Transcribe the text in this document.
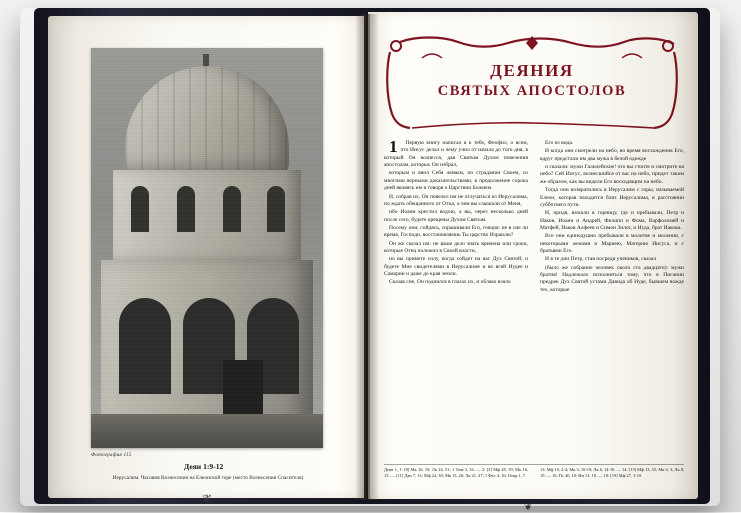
Фотография 115
Деян 1:9-12
Иерусалим. Часовня Вознесения на Елеонской горе (место Вознесения Спасителя)
❦
ДЕЯНИЯ
СВЯТЫХ АПОСТОЛОВ

1 Первую книгу написал я к тебе, Феофил, о всем, что Иисус делал и чему учил от начала до того дня, в который Он вознесся, дав Святым Духом повеления апостолам, которых Он избрал,

которым и явил Себя живым, по страдании Своем, со многими верными доказательствами, в продолжение сорока дней являясь им и говоря о Царствии Божием.

И, собрав их, Он повелел им не отлучаться из Иерусалима, но ждать обещанного от Отца, о чем вы слышали от Меня,

ибо Иоанн крестил водою, а вы, через несколько дней после сего, будете крещены Духом Святым.

Посему они, сойдясь, спрашивали Его, говоря: не в сие ли время, Господи, восстановляешь Ты царство Израилю?

Он же сказал им: не ваше дело знать времена или сроки, которые Отец положил в Своей власти,

но вы примете силу, когда сойдет на вас Дух Святой; и будете Мне свидетелями в Иерусалиме и во всей Иудее и Самарии и даже до края земли.

Сказав сие, Он поднялся в глазах их, и облако взяло

Его из вида.

И когда они смотрели на небо, во время восхождения Его, вдруг предстали им два мужа в белой одежде

и сказали: мужи Галилейские! что вы стоите и смотрите на небо? Сей Иисус, вознесшийся от вас на небо, придет таким же образом, как вы видели Его восходящим на небо.

Тогда они возвратились в Иерусалим с горы, называемой Елеон, которая находится близ Иерусалима, в расстоянии субботнего пути.

И, придя, взошли в горницу, где и пребывали, Петр и Иаков, Иоанн и Андрей, Филипп и Фома, Варфоломей и Матфей, Иаков Алфеев и Симон Зилот, и Иуда, брат Иакова.

Все они единодушно пребывали в молитве и молении, с некоторыми женами и Мариею, Материю Иисуса, и с братьями Его.

И в те дни Петр, став посреди учеников, сказал

(было же собрание человек около ста двадцати): мужи братия! Надлежало исполниться тому, что в Писании предрек Дух Святой устами Давида об Иуде, бывшем вожде тех, которые

Деян 1, 1: [8] Мк 16, 19; Лк 24, 51; 1 Тим 3, 16. — 2: [3] Мф 28, 19; Мк 16, 15. — [11] Дан 7, 13; Мф 24, 30; Мк 13, 26; Лк 21, 27; 1 Фес 4, 16; Откр 1, 7.
13: Мф 10, 2-4; Мк 3, 16-19; Лк 6, 14-16. — 14: [15] Мф 13, 55; Мк 6, 3; Лк 8, 19. — 16: Пс 40, 10; Ин 13, 18. — 18: [19] Мф 27, 3-10.
❦
